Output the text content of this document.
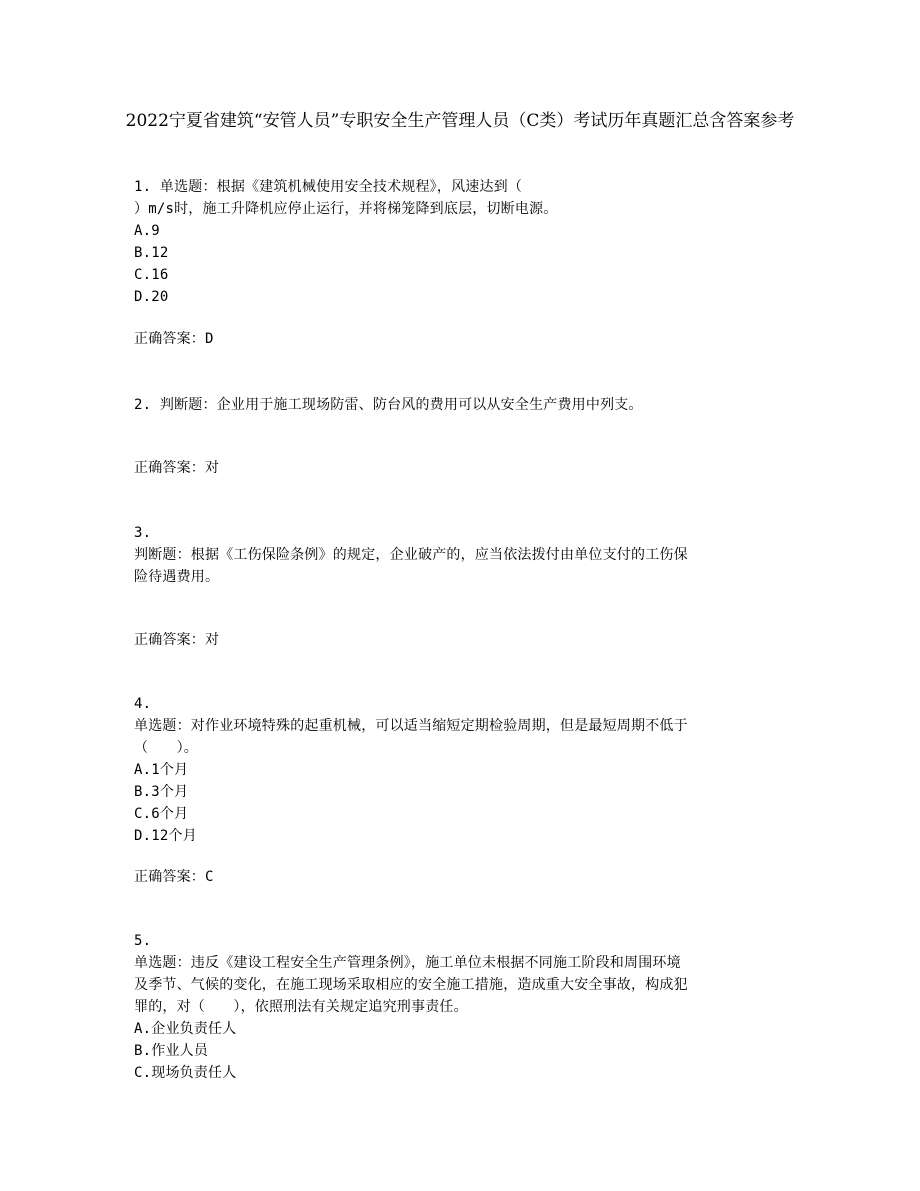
2022宁夏省建筑“安管人员”专职安全生产管理人员（C类）考试历年真题汇总含答案参考
1. 单选题：根据《建筑机械使用安全技术规程》，风速达到（
）m/s时，施工升降机应停止运行，并将梯笼降到底层，切断电源。
A.9
B.12
C.16
D.20
正确答案：D
2. 判断题：企业用于施工现场防雷、防台风的费用可以从安全生产费用中列支。
正确答案：对
3.
判断题：根据《工伤保险条例》的规定，企业破产的，应当依法拨付由单位支付的工伤保
险待遇费用。
正确答案：对
4.
单选题：对作业环境特殊的起重机械，可以适当缩短定期检验周期，但是最短周期不低于
（　　）。
A.1个月
B.3个月
C.6个月
D.12个月
正确答案：C
5.
单选题：违反《建设工程安全生产管理条例》，施工单位未根据不同施工阶段和周围环境
及季节、气候的变化，在施工现场采取相应的安全施工措施，造成重大安全事故，构成犯
罪的，对（　　），依照刑法有关规定追究刑事责任。
A.企业负责任人
B.作业人员
C.现场负责任人
